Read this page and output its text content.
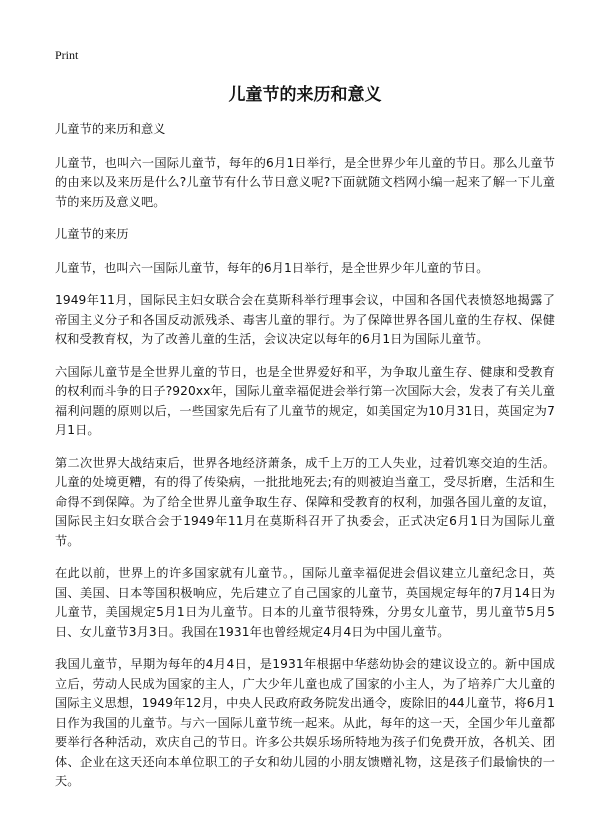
Print
儿童节的来历和意义

儿童节的来历和意义

儿童节，也叫六一国际儿童节，每年的6月1日举行，是全世界少年儿童的节日。那么儿童节的由来以及来历是什么?儿童节有什么节日意义呢?下面就随文档网小编一起来了解一下儿童节的来历及意义吧。

儿童节的来历

儿童节，也叫六一国际儿童节，每年的6月1日举行，是全世界少年儿童的节日。

1949年11月，国际民主妇女联合会在莫斯科举行理事会议，中国和各国代表愤怒地揭露了帝国主义分子和各国反动派残杀、毒害儿童的罪行。为了保障世界各国儿童的生存权、保健权和受教育权，为了改善儿童的生活，会议决定以每年的6月1日为国际儿童节。

六国际儿童节是全世界儿童的节日，也是全世界爱好和平，为争取儿童生存、健康和受教育的权利而斗争的日子?920xx年，国际儿童幸福促进会举行第一次国际大会，发表了有关儿童福利问题的原则以后，一些国家先后有了儿童节的规定，如美国定为10月31日，英国定为7月1日。

第二次世界大战结束后，世界各地经济萧条，成千上万的工人失业，过着饥寒交迫的生活。儿童的处境更糟，有的得了传染病，一批批地死去;有的则被迫当童工，受尽折磨，生活和生命得不到保障。为了给全世界儿童争取生存、保障和受教育的权利，加强各国儿童的友谊，国际民主妇女联合会于1949年11月在莫斯科召开了执委会，正式决定6月1日为国际儿童节。

在此以前，世界上的许多国家就有儿童节。，国际儿童幸福促进会倡议建立儿童纪念日，英国、美国、日本等国积极响应，先后建立了自己国家的儿童节，英国规定每年的7月14日为儿童节，美国规定5月1日为儿童节。日本的儿童节很特殊，分男女儿童节，男儿童节5月5日、女儿童节3月3日。我国在1931年也曾经规定4月4日为中国儿童节。

我国儿童节，早期为每年的4月4日，是1931年根据中华慈幼协会的建议设立的。新中国成立后，劳动人民成为国家的主人，广大少年儿童也成了国家的小主人，为了培养广大儿童的国际主义思想，1949年12月，中央人民政府政务院发出通令，废除旧的44儿童节，将6月1日作为我国的儿童节。与六一国际儿童节统一起来。从此，每年的这一天，全国少年儿童都要举行各种活动，欢庆自己的节日。许多公共娱乐场所特地为孩子们免费开放，各机关、团体、企业在这天还向本单位职工的子女和幼儿园的小朋友馈赠礼物，这是孩子们最愉快的一天。
